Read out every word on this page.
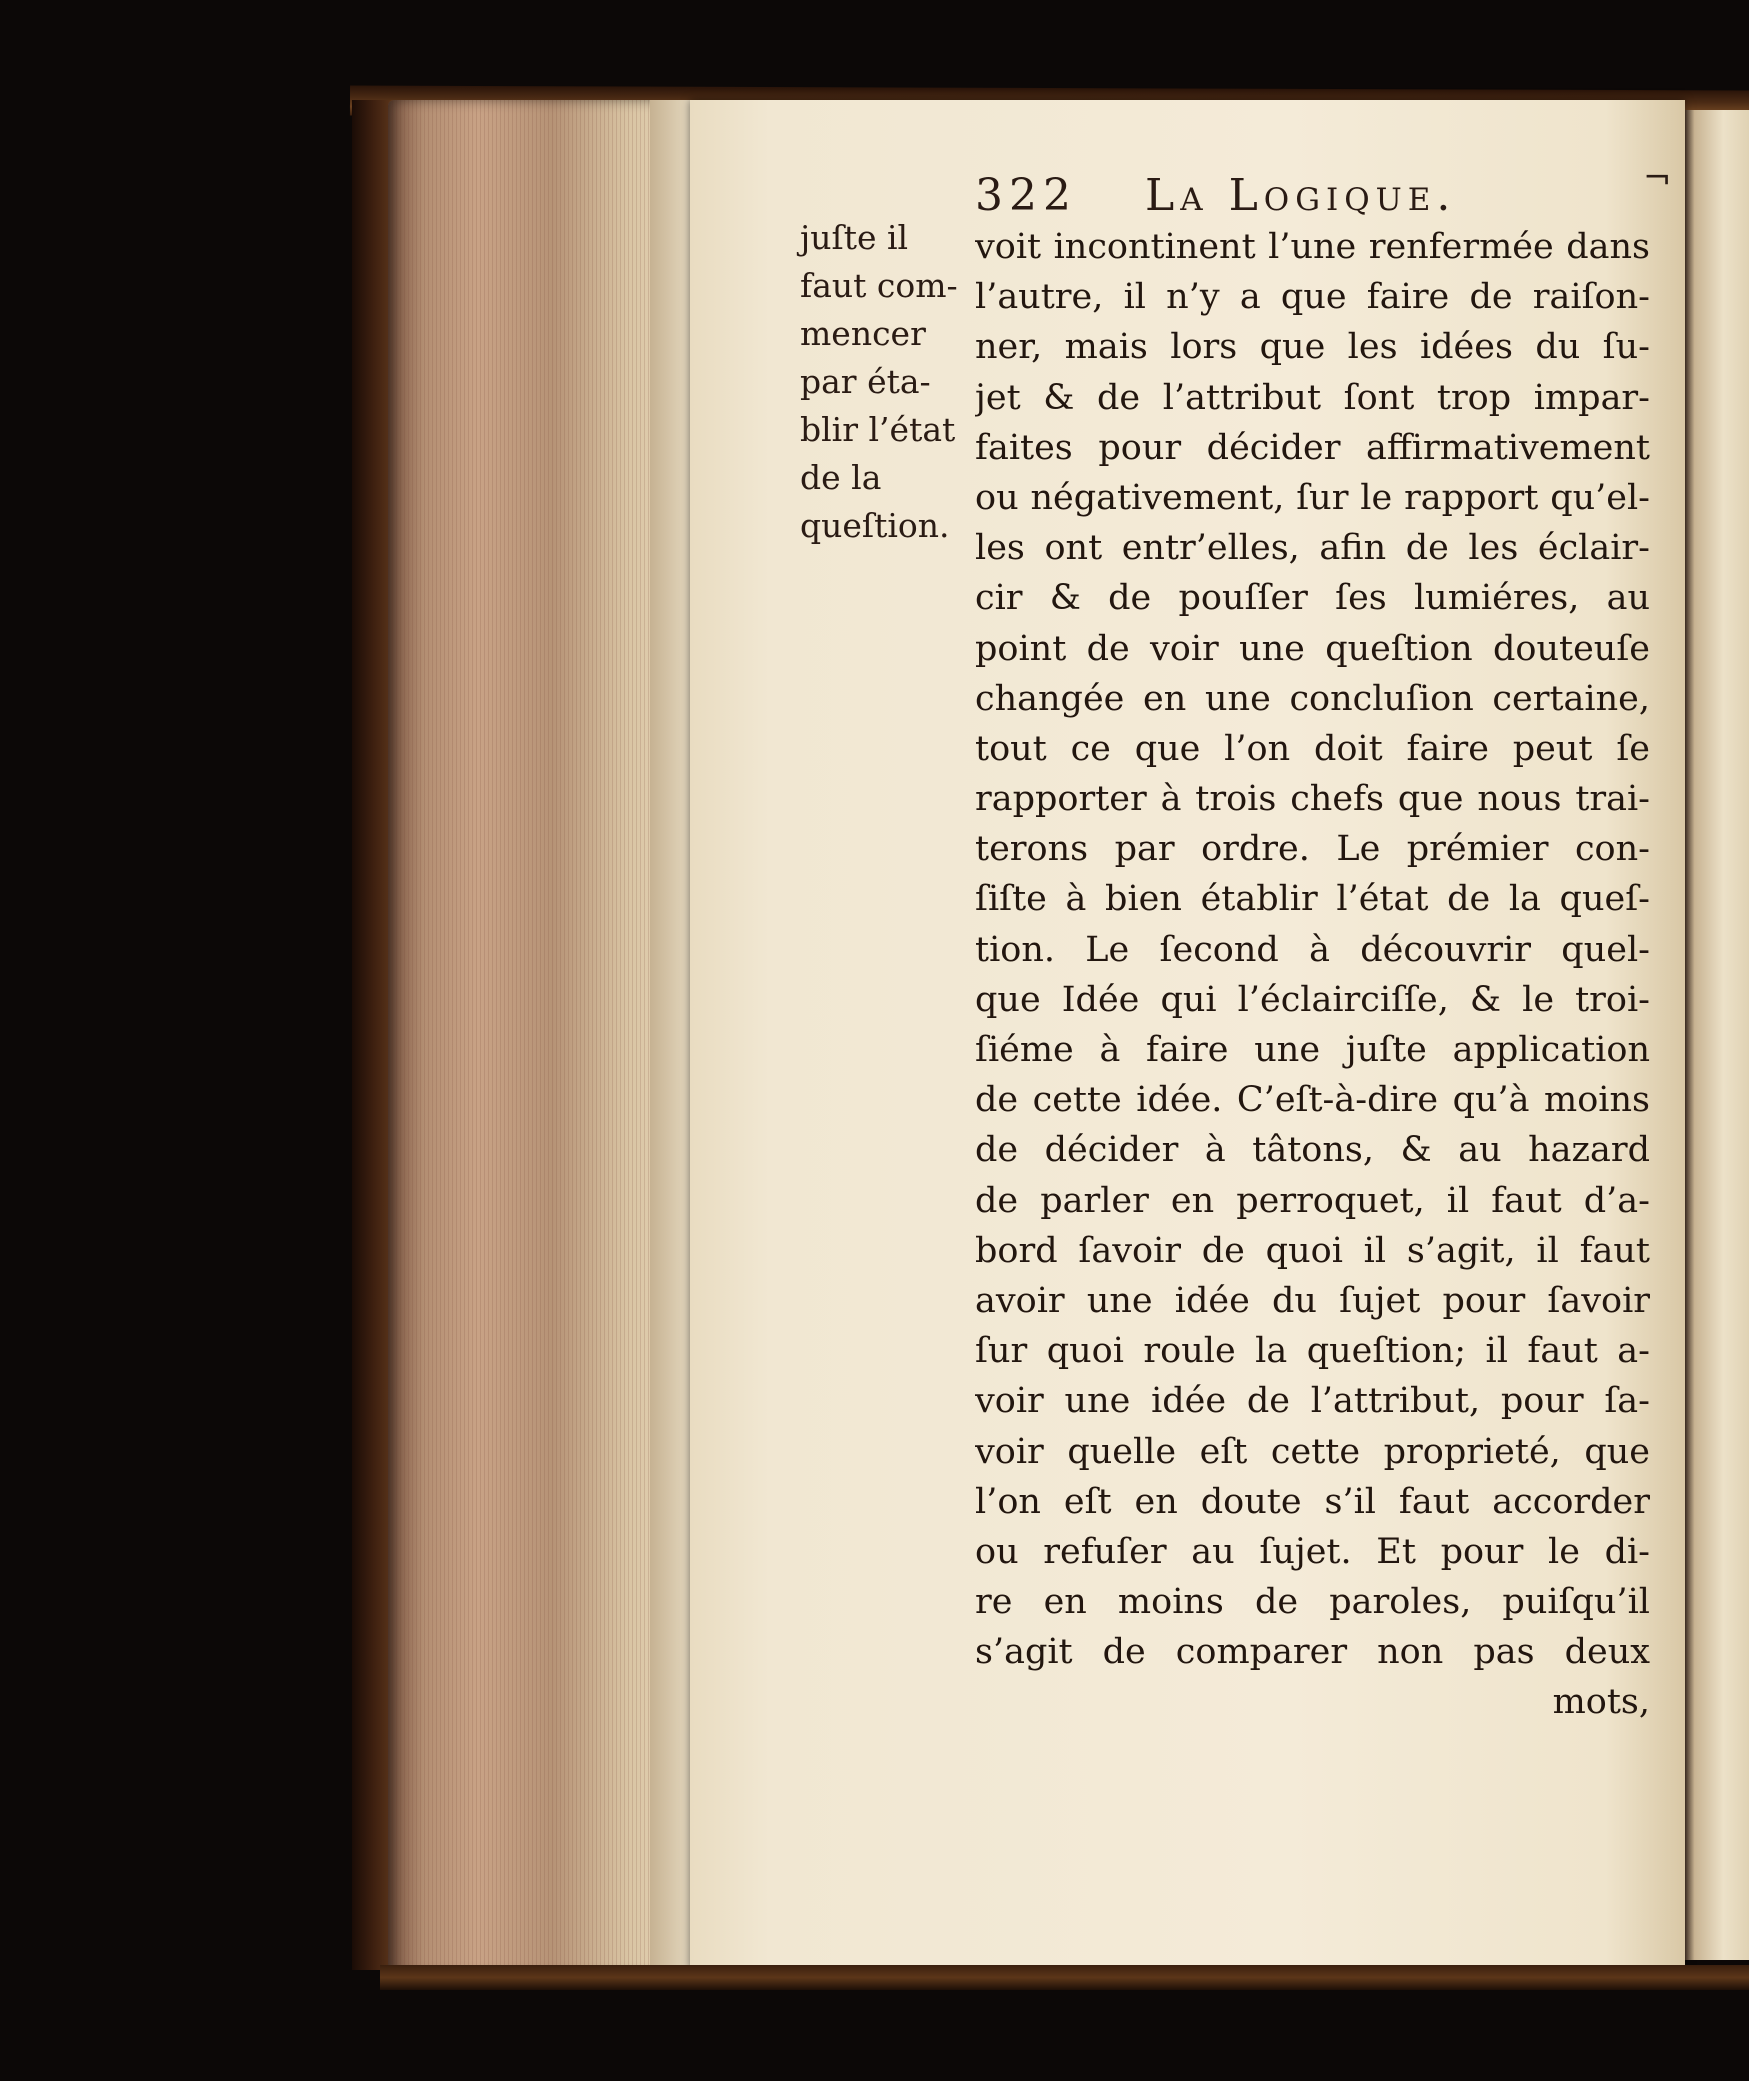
322 La Logique.	¬
juſte il
faut com-
mencer
par éta-
blir l’état
de la
queſtion.
voit incontinent l’une renfermée dans
l’autre, il n’y a que faire de raiſon-
ner, mais lors que les idées du ſu-
jet & de l’attribut ſont trop impar-
faites pour décider affirmativement
ou négativement, ſur le rapport qu’el-
les ont entr’elles, afin de les éclair-
cir & de pouſſer ſes lumiéres, au
point de voir une queſtion douteuſe
changée en une concluſion certaine,
tout ce que l’on doit faire peut ſe
rapporter à trois chefs que nous trai-
terons par ordre. Le prémier con-
ſiſte à bien établir l’état de la queſ-
tion. Le ſecond à découvrir quel-
que Idée qui l’éclairciſſe, & le troi-
ſiéme à faire une juſte application
de cette idée. C’eſt-à-dire qu’à moins
de décider à tâtons, & au hazard
de parler en perroquet, il faut d’a-
bord ſavoir de quoi il s’agit, il faut
avoir une idée du ſujet pour ſavoir
ſur quoi roule la queſtion; il faut a-
voir une idée de l’attribut, pour ſa-
voir quelle eſt cette proprieté, que
l’on eſt en doute s’il faut accorder
ou refuſer au ſujet. Et pour le di-
re en moins de paroles, puiſqu’il
s’agit de comparer non pas deux
mots,
